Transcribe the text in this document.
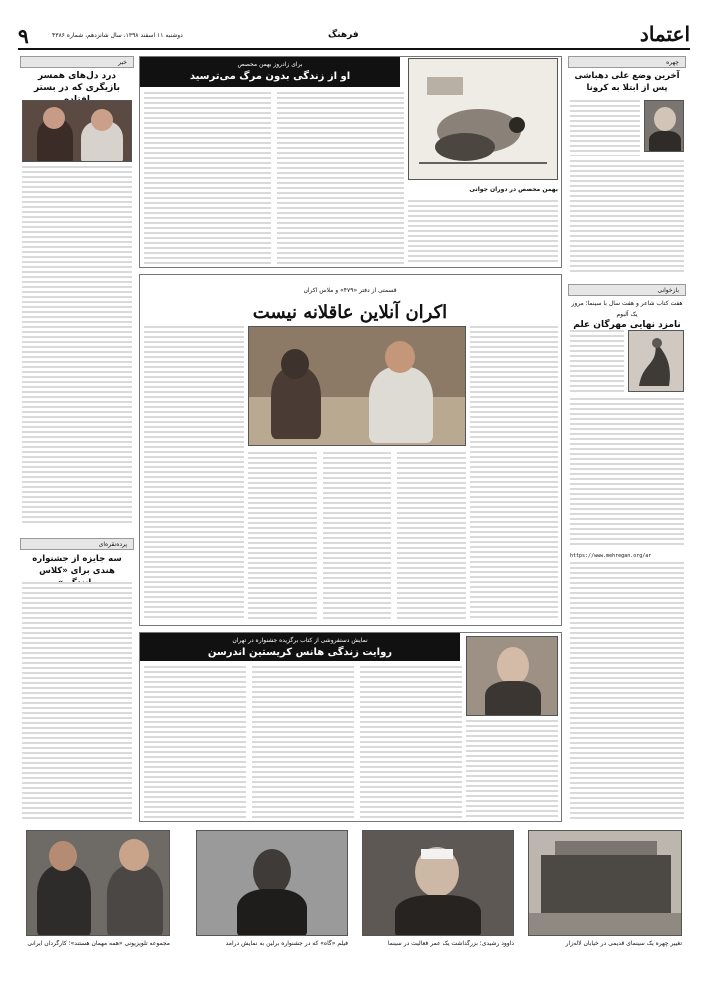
۹	دوشنبه ۱۱ اسفند ۱۳۹۸، سال شانزدهم، شماره ۴۳۸۶	فرهنگ	اعتماد
خبر
درد دل‌های همسر بازیگری که در بستر
پرده‌نقره‌ای
سه جایزه از جشنواره هندی برای «کلاس
برای زادروز بهمن محصص
او از زندگی بدون مرگ می‌ترسید
بهمن محصص در دوران جوانی
چهره
آخرین وضع علی دهباشی پس از ابتلا به کرونا
بازخوانی
هفت کتاب شاعر و هفت سال با سینما؛ مرور یک آلبوم
نامزد نهایی مهرگان علم
https://www.mehregan.org/ar
قسمتی از دفتر «۴۷۹» و ملاس اکران
اکران آنلاین عاقلانه نیست
نمایش دستفروشی از کتاب برگزیده جشنواره در تهران
روایت زندگی هانس کریستین اندرسن
مجموعه تلویزیونی «همه مهمان هستند»؛ کارگردان ایرانی	فیلم «گاه» که در جشنواره برلین به نمایش درآمد	داوود رشیدی؛ بزرگداشت یک عمر فعالیت در سینما	تغییر چهره یک سینمای قدیمی در خیابان لاله‌زار
